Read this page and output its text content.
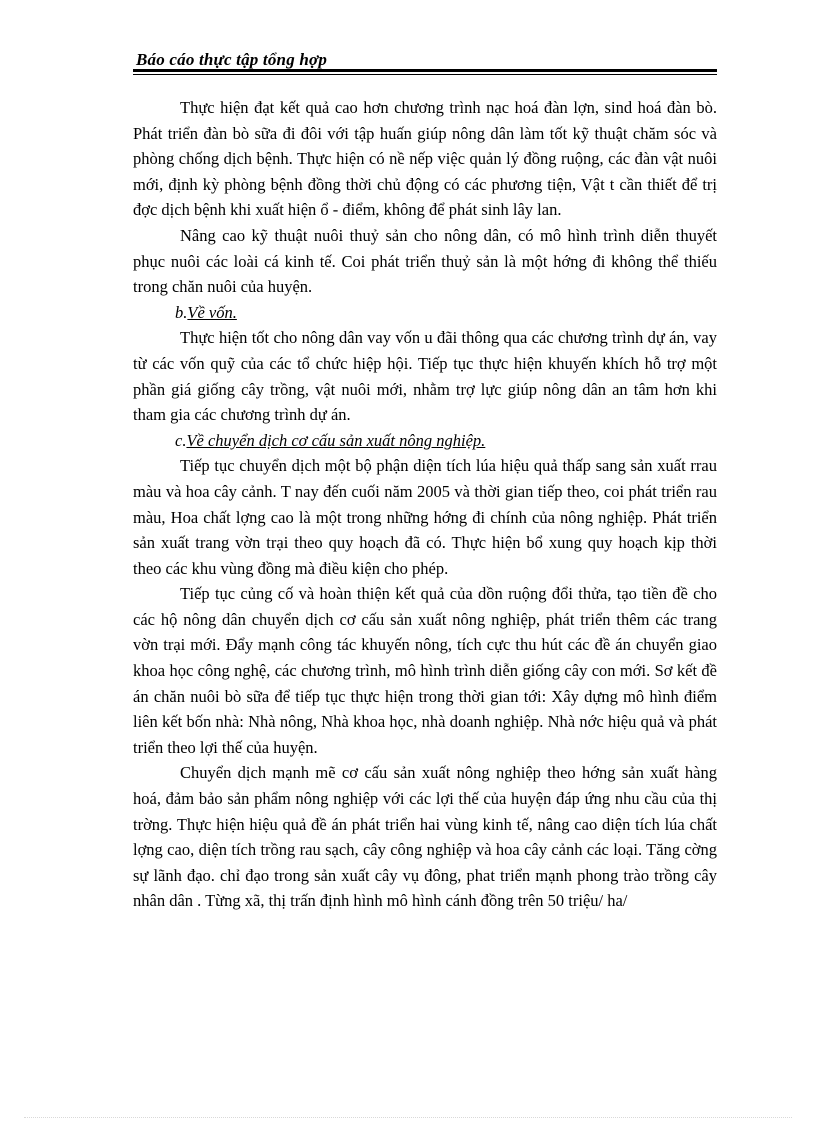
Báo cáo thực tập tổng hợp

Thực hiện đạt kết quả cao hơn chương trình nạc hoá đàn lợn, sind hoá đàn bò. Phát triển đàn bò sữa đi đôi với tập huấn giúp nông dân làm tốt kỹ thuật chăm sóc và phòng chống dịch bệnh. Thực hiện có nề nếp việc quản lý đồng ruộng, các đàn vật nuôi mới, định kỳ phòng bệnh đồng thời chủ động có các phương tiện, Vật t cần thiết để trị đợc dịch bệnh khi xuất hiện ổ - điểm, không để phát sinh lây lan.

Nâng cao kỹ thuật nuôi thuỷ sản cho nông dân, có mô hình trình diễn thuyết phục nuôi các loài cá kinh tế. Coi phát triển thuỷ sản là một hớng đi không thể thiếu trong chăn nuôi của huyện.

b.Về vốn.

Thực hiện tốt cho nông dân vay vốn u đãi thông qua các chương trình dự án, vay từ các vốn quỹ của các tổ chức hiệp hội. Tiếp tục thực hiện khuyến khích hỗ trợ một phần giá giống cây trồng, vật nuôi mới, nhằm trợ lực giúp nông dân an tâm hơn khi tham gia các chương trình dự án.

c.Về chuyển dịch cơ cấu sản xuất nông nghiệp.

Tiếp tục chuyển dịch một bộ phận diện tích lúa hiệu quả thấp sang sản xuất rrau màu và hoa cây cảnh. T nay đến cuối năm 2005 và thời gian tiếp theo, coi phát triển rau màu, Hoa chất lợng cao là một trong những hớng đi chính của nông nghiệp. Phát triển sản xuất trang vờn trại theo quy hoạch đã có. Thực hiện bổ xung quy hoạch kịp thời theo các khu vùng đồng mà điều kiện cho phép.

Tiếp tục củng cố và hoàn thiện kết quả của dồn ruộng đổi thửa, tạo tiền đề cho các hộ nông dân chuyển dịch cơ cấu sản xuất nông nghiệp, phát triển thêm các trang vờn trại mới. Đẩy mạnh công tác khuyến nông, tích cực thu hút các đề án chuyển giao khoa học công nghệ, các chương trình, mô hình trình diễn giống cây con mới. Sơ kết đề án chăn nuôi bò sữa để tiếp tục thực hiện trong thời gian tới: Xây dựng mô hình điểm liên kết bốn nhà: Nhà nông, Nhà khoa học, nhà doanh nghiệp. Nhà nớc hiệu quả và phát triển theo lợi thế của huyện.

Chuyển dịch mạnh mẽ cơ cấu sản xuất nông nghiệp theo hớng sản xuất hàng hoá, đảm bảo sản phẩm nông nghiệp với các lợi thế của huyện đáp ứng nhu cầu của thị trờng. Thực hiện hiệu quả đề án phát triển hai vùng kinh tế, nâng cao diện tích lúa chất lợng cao, diện tích trồng rau sạch, cây công nghiệp và hoa cây cảnh các loại. Tăng cờng sự lãnh đạo. chỉ đạo trong sản xuất cây vụ đông, phat triển mạnh phong trào trồng cây nhân dân . Từng xã, thị trấn định hình mô hình cánh đồng trên 50 triệu/ ha/
